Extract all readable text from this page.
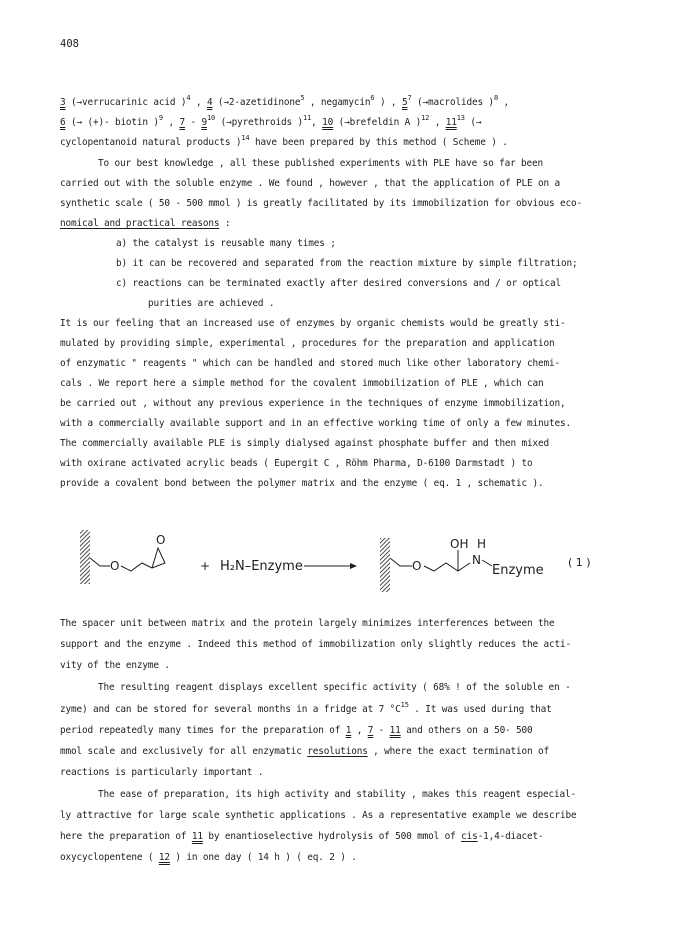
408
3 (→verrucarinic acid )$^4$ , 4 (→2-azetidinone$^5$ , negamycin$^6$ ) , $5^7$ (→macrolides )$^8$ ,
6 (→ (+)- biotin )$^9$ , $7 - 9^{10}$ (→pyrethroids )$^{11}$, 10 (→brefeldin A )$^{12}$ , $11^{13}$ (→
cyclopentanoid natural products )$^{14}$ have been prepared by this method ( Scheme ) .
To our best knowledge , all these published experiments with PLE have so far been
carried out with the soluble enzyme . We found , however , that the application of PLE on a
synthetic scale ( 50 - 500 mmol ) is greatly facilitated by its immobilization for obvious eco-
nomical and practical reasons :
a) the catalyst is reusable many times ;
b) it can be recovered and separated from the reaction mixture by simple filtration;
c) reactions can be terminated exactly after desired conversions and / or optical
purities are achieved .
It is our feeling that an increased use of enzymes by organic chemists would be greatly sti-
mulated by providing simple, experimental , procedures for the preparation and application
of enzymatic " reagents " which can be handled and stored much like other laboratory chemi-
cals . We report here a simple method for the covalent immobilization of PLE , which can
be carried out , without any previous experience in the techniques of enzyme immobilization,
with a commercially available support and in an effective working time of only a few minutes.
The commercially available PLE is simply dialysed against phosphate buffer and then mixed
with oxirane activated acrylic beads ( Eupergit C , Röhm Pharma, D-6100 Darmstadt ) to
provide a covalent bond between the polymer matrix and the enzyme ( eq. 1 , schematic ).
O
O
+ H₂N–Enzyme	O
OH H
N
Enzyme
( 1 )
The spacer unit between matrix and the protein largely minimizes interferences between the
support and the enzyme . Indeed this method of immobilization only slightly reduces the acti-
vity of the enzyme .
The resulting reagent displays excellent specific activity ( 68% ! of the soluble en -
zyme) and can be stored for several months in a fridge at 7 $^\circ C^{15}$ . It was used during that
period repeatedly many times for the preparation of 1 , 7 - 11 and others on a 50- 500
mmol scale and exclusively for all enzymatic resolutions , where the exact termination of
reactions is particularly important .
The ease of preparation, its high activity and stability , makes this reagent especial-
ly attractive for large scale synthetic applications . As a representative example we describe
here the preparation of 11 by enantioselective hydrolysis of 500 mmol of cis-1,4-diacet-
oxycyclopentene ( 12 ) in one day ( 14 h ) ( eq. 2 ) .
